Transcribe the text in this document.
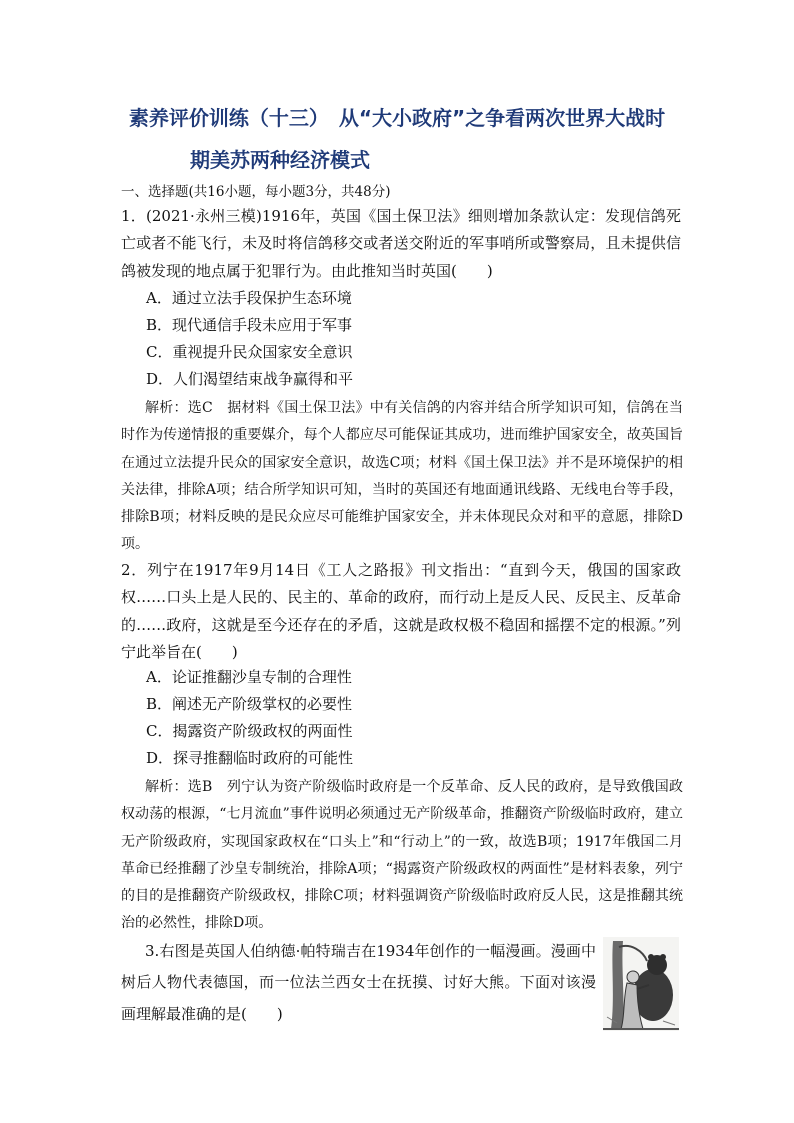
素养评价训练（十三）　从“大小政府”之争看两次世界大战时
期美苏两种经济模式
一、选择题(共16小题，每小题3分，共48分)

1．(2021·永州三模)1916年，英国《国土保卫法》细则增加条款认定：发现信鸽死亡或者不能飞行，未及时将信鸽移交或者送交附近的军事哨所或警察局，且未提供信鸽被发现的地点属于犯罪行为。由此推知当时英国(　　)

A．通过立法手段保护生态环境
B．现代通信手段未应用于军事
C．重视提升民众国家安全意识
D．人们渴望结束战争赢得和平

解析：选C　据材料《国土保卫法》中有关信鸽的内容并结合所学知识可知，信鸽在当时作为传递情报的重要媒介，每个人都应尽可能保证其成功，进而维护国家安全，故英国旨在通过立法提升民众的国家安全意识，故选C项；材料《国土保卫法》并不是环境保护的相关法律，排除A项；结合所学知识可知，当时的英国还有地面通讯线路、无线电台等手段，排除B项；材料反映的是民众应尽可能维护国家安全，并未体现民众对和平的意愿，排除D项。

2．列宁在1917年9月14日《工人之路报》刊文指出：“直到今天，俄国的国家政权……口头上是人民的、民主的、革命的政府，而行动上是反人民、反民主、反革命的……政府，这就是至今还存在的矛盾，这就是政权极不稳固和摇摆不定的根源。”列宁此举旨在(　　)

A．论证推翻沙皇专制的合理性
B．阐述无产阶级掌权的必要性
C．揭露资产阶级政权的两面性
D．探寻推翻临时政府的可能性

解析：选B　列宁认为资产阶级临时政府是一个反革命、反人民的政府，是导致俄国政权动荡的根源，“七月流血”事件说明必须通过无产阶级革命，推翻资产阶级临时政府，建立无产阶级政府，实现国家政权在“口头上”和“行动上”的一致，故选B项；1917年俄国二月革命已经推翻了沙皇专制统治，排除A项；“揭露资产阶级政权的两面性”是材料表象，列宁的目的是推翻资产阶级政权，排除C项；材料强调资产阶级临时政府反人民，这是推翻其统治的必然性，排除D项。

3.右图是英国人伯纳德·帕特瑞吉在1934年创作的一幅漫画。漫画中树后人物代表德国，而一位法兰西女士在抚摸、讨好大熊。下面对该漫画理解最准确的是(　　)
